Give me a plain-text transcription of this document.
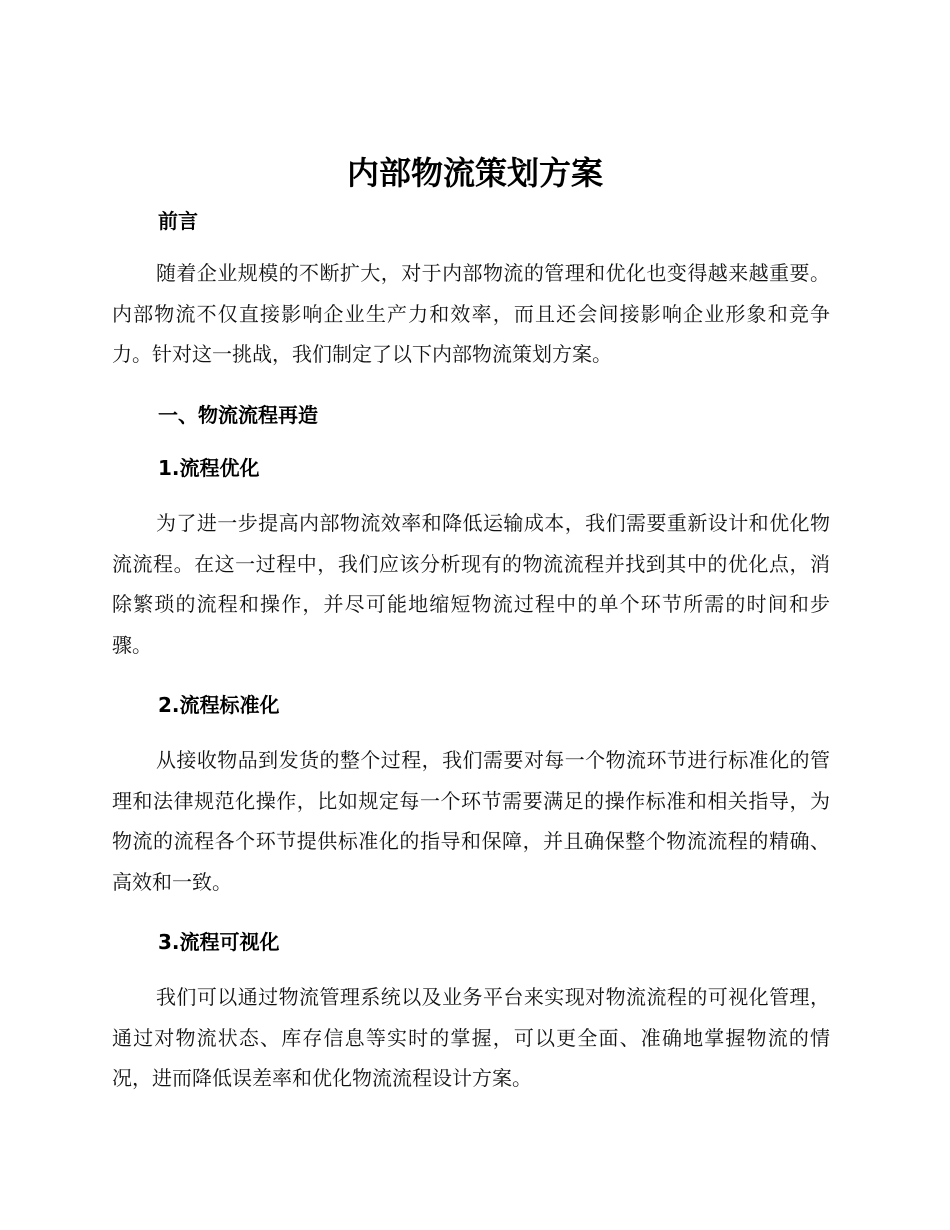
内部物流策划方案
前言

随着企业规模的不断扩大，对于内部物流的管理和优化也变得越来越重要。内部物流不仅直接影响企业生产力和效率，而且还会间接影响企业形象和竞争力。针对这一挑战，我们制定了以下内部物流策划方案。

一、物流流程再造
1.流程优化

为了进一步提高内部物流效率和降低运输成本，我们需要重新设计和优化物流流程。在这一过程中，我们应该分析现有的物流流程并找到其中的优化点，消除繁琐的流程和操作，并尽可能地缩短物流过程中的单个环节所需的时间和步骤。

2.流程标准化

从接收物品到发货的整个过程，我们需要对每一个物流环节进行标准化的管理和法律规范化操作，比如规定每一个环节需要满足的操作标准和相关指导，为物流的流程各个环节提供标准化的指导和保障，并且确保整个物流流程的精确、高效和一致。

3.流程可视化

我们可以通过物流管理系统以及业务平台来实现对物流流程的可视化管理，通过对物流状态、库存信息等实时的掌握，可以更全面、准确地掌握物流的情况，进而降低误差率和优化物流流程设计方案。
